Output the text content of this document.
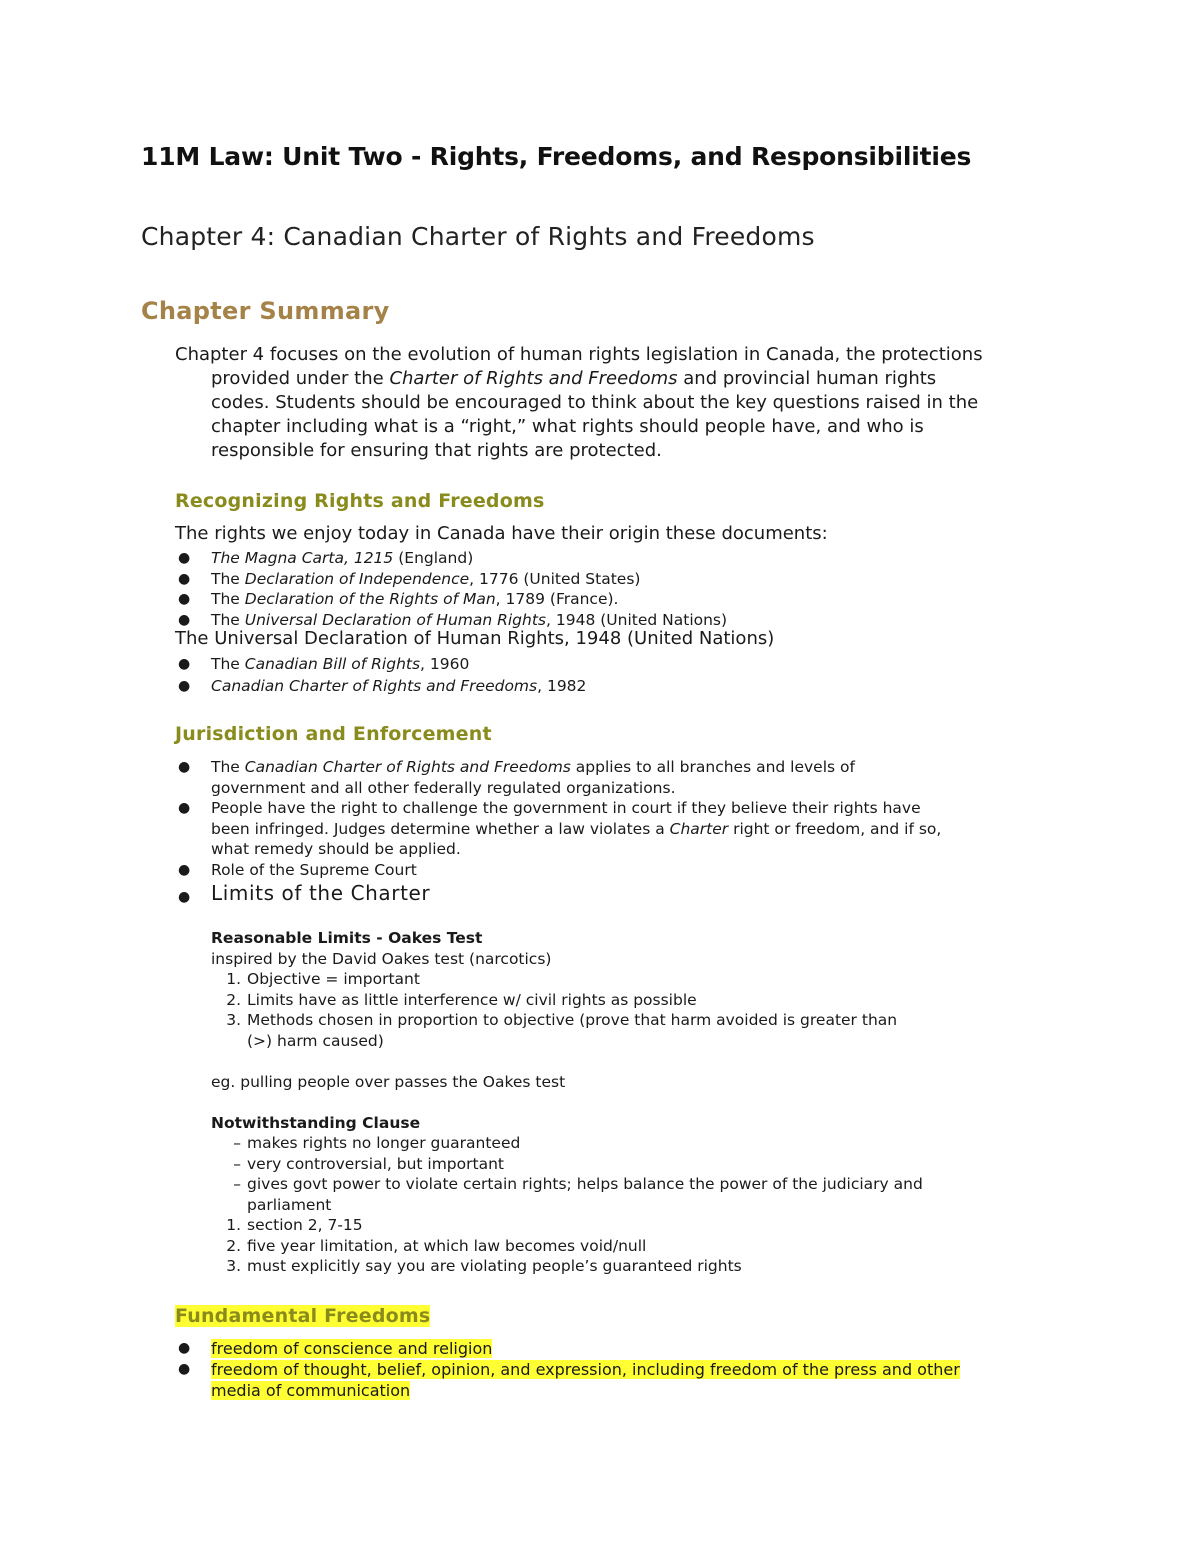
11M Law: Unit Two - Rights, Freedoms, and Responsibilities
Chapter 4: Canadian Charter of Rights and Freedoms
Chapter Summary
Chapter 4 focuses on the evolution of human rights legislation in Canada, the protections
provided under the Charter of Rights and Freedoms and provincial human rights
codes. Students should be encouraged to think about the key questions raised in the
chapter including what is a “right,” what rights should people have, and who is
responsible for ensuring that rights are protected.
Recognizing Rights and Freedoms
The rights we enjoy today in Canada have their origin these documents:
The Magna Carta, 1215 (England)
The Declaration of Independence, 1776 (United States)
The Declaration of the Rights of Man, 1789 (France).
The Universal Declaration of Human Rights, 1948 (United Nations)
The Universal Declaration of Human Rights, 1948 (United Nations)
The Canadian Bill of Rights, 1960
Canadian Charter of Rights and Freedoms, 1982
Jurisdiction and Enforcement
The Canadian Charter of Rights and Freedoms applies to all branches and levels of
government and all other federally regulated organizations.
People have the right to challenge the government in court if they believe their rights have
been infringed. Judges determine whether a law violates a Charter right or freedom, and if so,
what remedy should be applied.
Role of the Supreme Court
Limits of the Charter
Reasonable Limits - Oakes Test
inspired by the David Oakes test (narcotics)
1. Objective = important
2. Limits have as little interference w/ civil rights as possible
3. Methods chosen in proportion to objective (prove that harm avoided is greater than
(>) harm caused)
eg. pulling people over passes the Oakes test
Notwithstanding Clause
– makes rights no longer guaranteed
– very controversial, but important
– gives govt power to violate certain rights; helps balance the power of the judiciary and
parliament
1. section 2, 7-15
2. five year limitation, at which law becomes void/null
3. must explicitly say you are violating people’s guaranteed rights
Fundamental Freedoms
freedom of conscience and religion
freedom of thought, belief, opinion, and expression, including freedom of the press and other
media of communication
